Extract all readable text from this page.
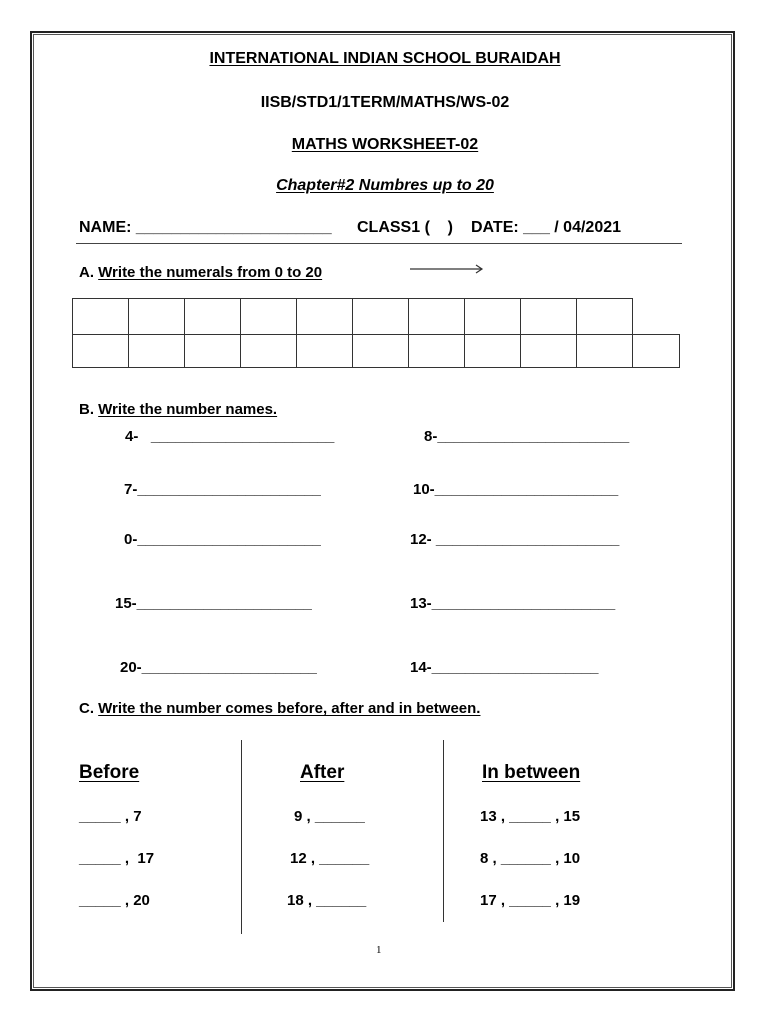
INTERNATIONAL INDIAN SCHOOL BURAIDAH
IISB/STD1/1TERM/MATHS/WS-02
MATHS WORKSHEET-02
Chapter#2 Numbres up to 20
NAME: ______________________ CLASS1 (    ) DATE: ___ / 04/2021
A. Write the numerals from 0 to 20

B. Write the number names.
4-   ______________________	8-_______________________
7-______________________	10-______________________
0-______________________	12- ______________________
15-_____________________	13-______________________
20-_____________________	14-____________________
C. Write the number comes before, after and in between.
Before	After	In between
_____ , 7	9 , ______	13 , _____ , 15
_____ ,  17	12 , ______	8 , ______ , 10
_____ , 20	18 , ______	17 , _____ , 19
1
